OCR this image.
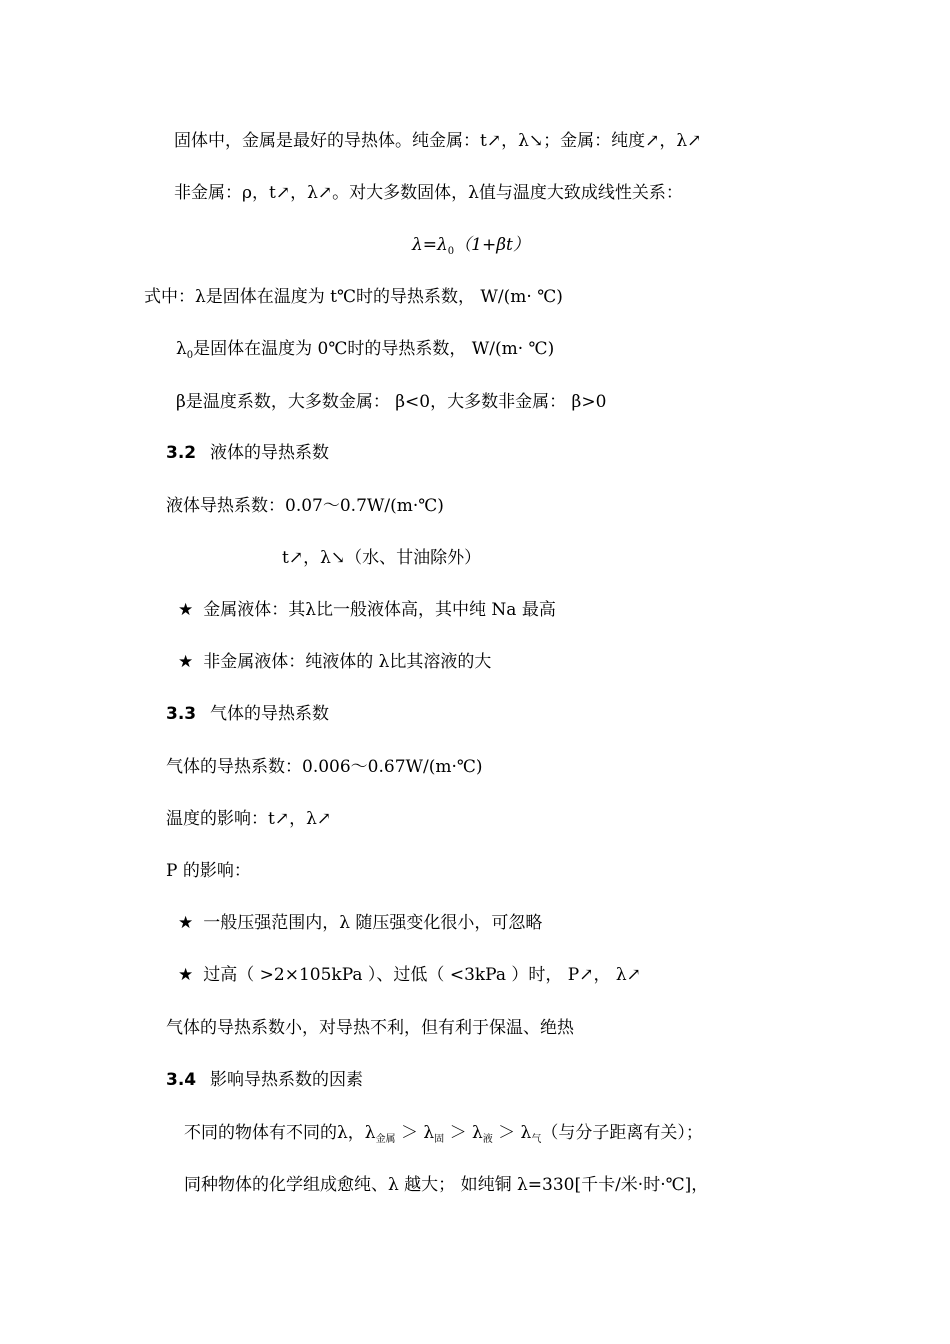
固体中，金属是最好的导热体。纯金属：t↗，λ↘；金属：纯度↗，λ↗
非金属：ρ，t↗，λ↗。对大多数固体，λ值与温度大致成线性关系：
$\lambda=\lambda_0(1+\beta t)$
式中：λ是固体在温度为 t℃时的导热系数， W/(m· ℃)
$\lambda_0$是固体在温度为 0℃时的导热系数， W/(m· ℃)
β是温度系数，大多数金属： β<0，大多数非金属： β>0
3.2 液体的导热系数
液体导热系数：0.07～0.7W/(m·℃)
t↗，λ↘（水、甘油除外）
★ 金属液体：其λ比一般液体高，其中纯 Na 最高
★ 非金属液体：纯液体的 λ比其溶液的大
3.3 气体的导热系数
气体的导热系数：0.006～0.67W/(m·℃)
温度的影响：t↗，λ↗
P 的影响：
★ 一般压强范围内，λ 随压强变化很小，可忽略
★ 过高（ >2×105kPa ）、过低（ <3kPa ）时， P↗， λ↗
气体的导热系数小，对导热不利，但有利于保温、绝热
3.4 影响导热系数的因素
不同的物体有不同的λ，$\lambda_{金属} > \lambda_固 > \lambda_液 > \lambda_气$（与分子距离有关）；
同种物体的化学组成愈纯、λ 越大； 如纯铜 λ=330[千卡/米·时·℃]，
